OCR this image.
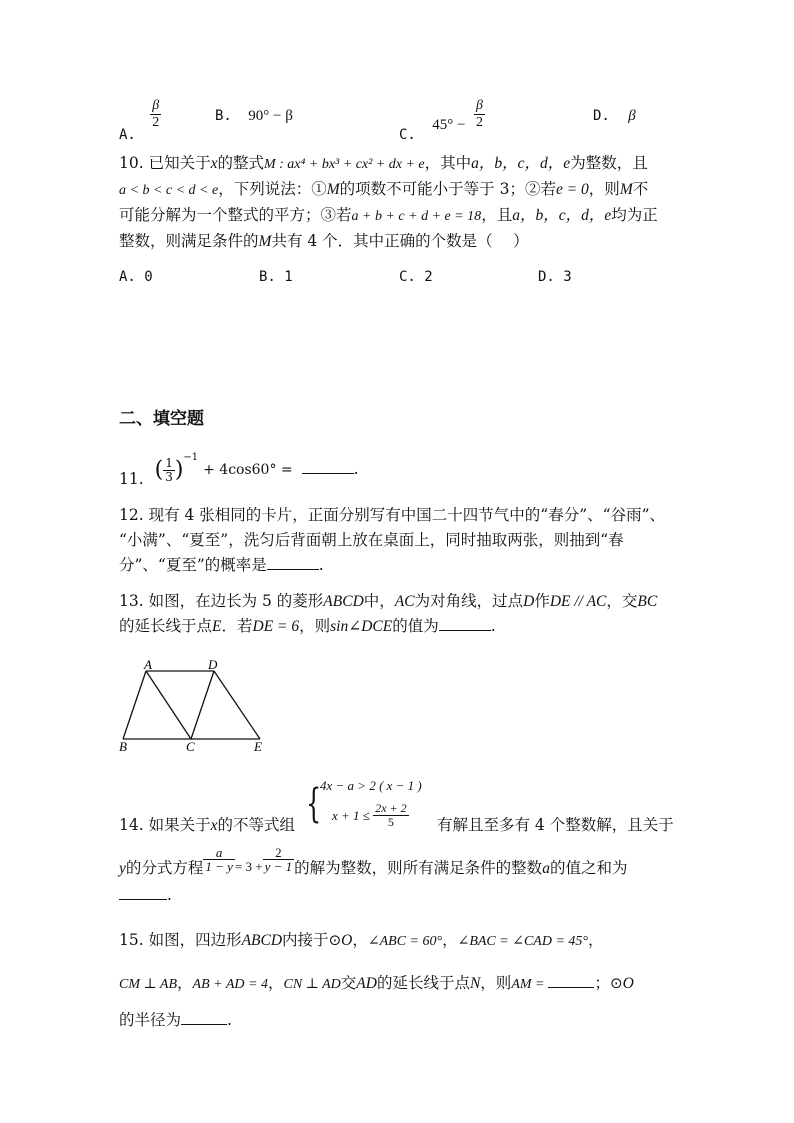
A.
$\frac{\beta}{2}$	B. 90° − β
C. $45^\circ - \frac{\beta}{2}$	D. β
10. 已知关于x的整式M : ax⁴ + bx³ + cx² + dx + e，其中a，b，c，d，e为整数，且
a < b < c < d < e，下列说法：①M的项数不可能小于等于 3；②若e = 0，则M不
可能分解为一个整式的平方；③若a + b + c + d + e = 18，且a，b，c，d，e均为正
整数，则满足条件的M共有 4 个．其中正确的个数是（　 ）
A. 0	B. 1	C. 2	D. 3
二、填空题
11. ( $\frac{1}{3} )^{-1} + 4\cos 60^\circ$ =	.
12. 现有 4 张相同的卡片，正面分别写有中国二十四节气中的“春分”、“谷雨”、
“小满”、“夏至”，洗匀后背面朝上放在桌面上，同时抽取两张，则抽到“春
分”、“夏至”的概率是	.
13. 如图，在边长为 5 的菱形ABCD中，AC为对角线，过点D作DE // AC，交BC
的延长线于点E．若DE = 6，则sin∠DCE的值为	.
A	D
B	C	E
{
4x − a > 2 ( x − 1 )
$x + 1 \le \frac{2x + 2}{5}$
14. 如果关于x的不等式组	有解且至多有 4 个整数解，且关于
y的分式方程 $\frac{a}{1 - y} _{= 3 +} \frac{2}{y - 1}$ 的解为整数，则所有满足条件的整数a的值之和为
.
15. 如图，四边形ABCD内接于⊙O，∠ABC = 60°，∠BAC = ∠CAD = 45°，
CM ⊥ AB，AB + AD = 4，CN ⊥ AD交AD的延长线于点N，则AM =	；⊙O
的半径为	.
